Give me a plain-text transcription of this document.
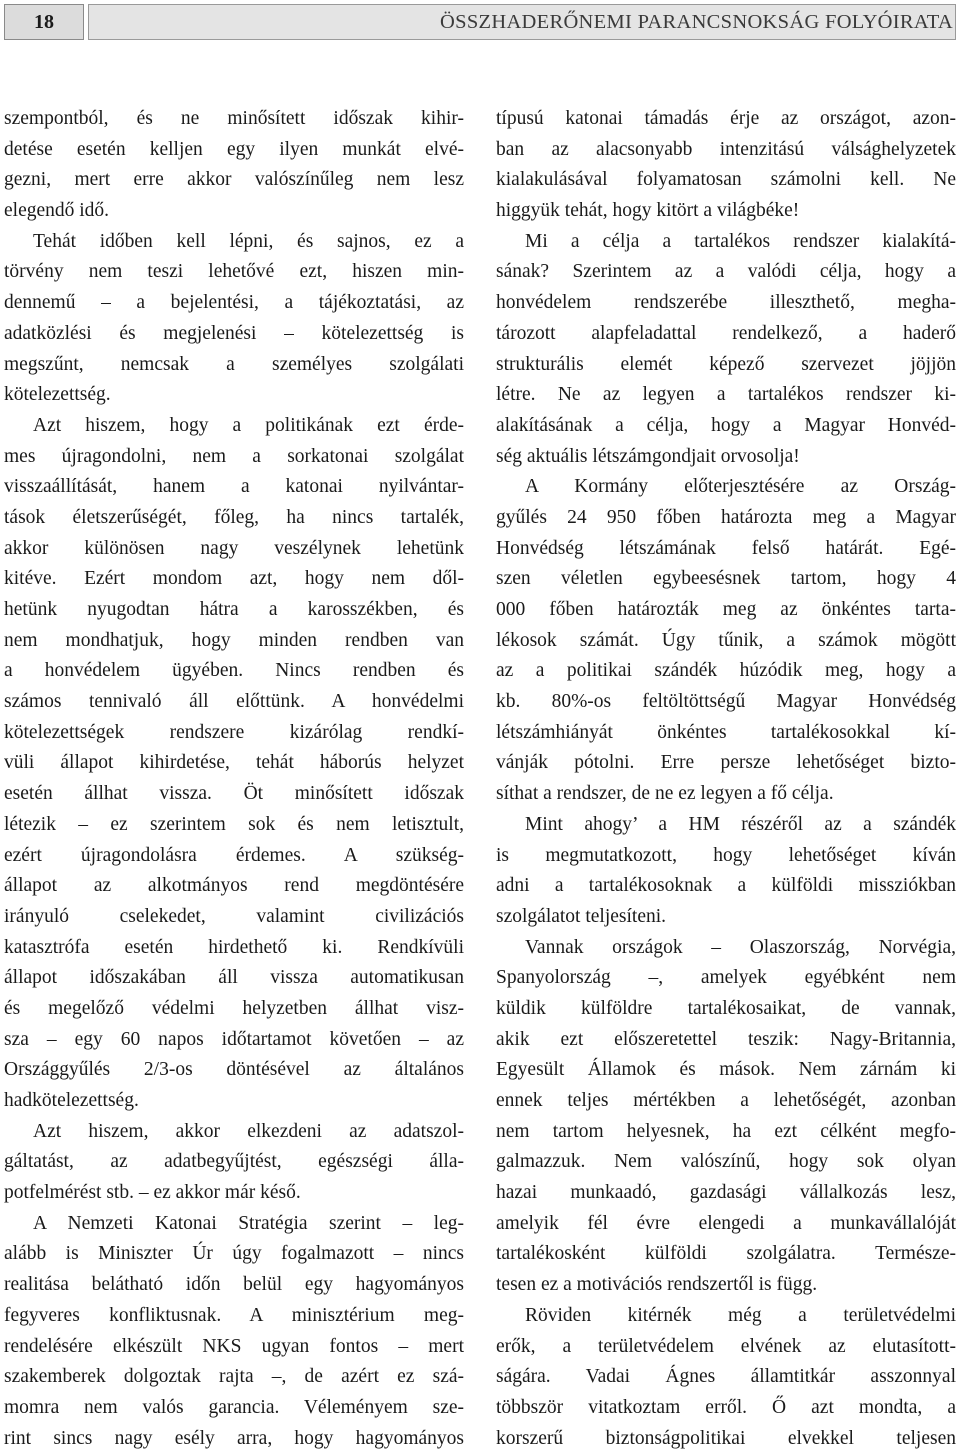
18	ÖSSZHADERŐNEMI PARANCSNOKSÁG FOLYÓIRATA
szempontból, és ne minősített időszak kihir-
detése esetén kelljen egy ilyen munkát elvé-
gezni, mert erre akkor valószínűleg nem lesz
elegendő idő.
Tehát időben kell lépni, és sajnos, ez a
törvény nem teszi lehetővé ezt, hiszen min-
dennemű – a bejelentési, a tájékoztatási, az
adatközlési és megjelenési – kötelezettség is
megszűnt, nemcsak a személyes szolgálati
kötelezettség.
Azt hiszem, hogy a politikának ezt érde-
mes újragondolni, nem a sorkatonai szolgálat
visszaállítását, hanem a katonai nyilvántar-
tások életszerűségét, főleg, ha nincs tartalék,
akkor különösen nagy veszélynek lehetünk
kitéve. Ezért mondom azt, hogy nem dől-
hetünk nyugodtan hátra a karosszékben, és
nem mondhatjuk, hogy minden rendben van
a honvédelem ügyében. Nincs rendben és
számos tennivaló áll előttünk. A honvédelmi
kötelezettségek rendszere kizárólag rendkí-
vüli állapot kihirdetése, tehát háborús helyzet
esetén állhat vissza. Öt minősített időszak
létezik – ez szerintem sok és nem letisztult,
ezért újragondolásra érdemes. A szükség-
állapot az alkotmányos rend megdöntésére
irányuló cselekedet, valamint civilizációs
katasztrófa esetén hirdethető ki. Rendkívüli
állapot időszakában áll vissza automatikusan
és megelőző védelmi helyzetben állhat visz-
sza – egy 60 napos időtartamot követően – az
Országgyűlés 2/3-os döntésével az általános
hadkötelezettség.
Azt hiszem, akkor elkezdeni az adatszol-
gáltatást, az adatbegyűjtést, egészségi álla-
potfelmérést stb. – ez akkor már késő.
A Nemzeti Katonai Stratégia szerint – leg-
alább is Miniszter Úr úgy fogalmazott – nincs
realitása belátható időn belül egy hagyományos
fegyveres konfliktusnak. A minisztérium meg-
rendelésére elkészült NKS ugyan fontos – mert
szakemberek dolgoztak rajta –, de azért ez szá-
momra nem valós garancia. Véleményem sze-
rint sincs nagy esély arra, hogy hagyományos
típusú katonai támadás érje az országot, azon-
ban az alacsonyabb intenzitású válsághelyzetek
kialakulásával folyamatosan számolni kell. Ne
higgyük tehát, hogy kitört a világbéke!
Mi a célja a tartalékos rendszer kialakítá-
sának? Szerintem az a valódi célja, hogy a
honvédelem rendszerébe illeszthető, megha-
tározott alapfeladattal rendelkező, a haderő
strukturális elemét képező szervezet jöjjön
létre. Ne az legyen a tartalékos rendszer ki-
alakításának a célja, hogy a Magyar Honvéd-
ség aktuális létszámgondjait orvosolja!
A Kormány előterjesztésére az Ország-
gyűlés 24 950 főben határozta meg a Magyar
Honvédség létszámának felső határát. Egé-
szen véletlen egybeesésnek tartom, hogy 4
000 főben határozták meg az önkéntes tarta-
lékosok számát. Úgy tűnik, a számok mögött
az a politikai szándék húzódik meg, hogy a
kb. 80%-os feltöltöttségű Magyar Honvédség
létszámhiányát önkéntes tartalékosokkal kí-
vánják pótolni. Erre persze lehetőséget bizto-
síthat a rendszer, de ne ez legyen a fő célja.
Mint ahogy’ a HM részéről az a szándék
is megmutatkozott, hogy lehetőséget kíván
adni a tartalékosoknak a külföldi missziókban
szolgálatot teljesíteni.
Vannak országok – Olaszország, Norvégia,
Spanyolország –, amelyek egyébként nem
küldik külföldre tartalékosaikat, de vannak,
akik ezt előszeretettel teszik: Nagy-Britannia,
Egyesült Államok és mások. Nem zárnám ki
ennek teljes mértékben a lehetőségét, azonban
nem tartom helyesnek, ha ezt célként megfo-
galmazzuk. Nem valószínű, hogy sok olyan
hazai munkaadó, gazdasági vállalkozás lesz,
amelyik fél évre elengedi a munkavállalóját
tartalékosként külföldi szolgálatra. Természe-
tesen ez a motivációs rendszertől is függ.
Röviden kitérnék még a területvédelmi
erők, a területvédelem elvének az elutasított-
ságára. Vadai Ágnes államtitkár asszonnyal
többször vitatkoztam erről. Ő azt mondta, a
korszerű biztonságpolitikai elvekkel teljesen
